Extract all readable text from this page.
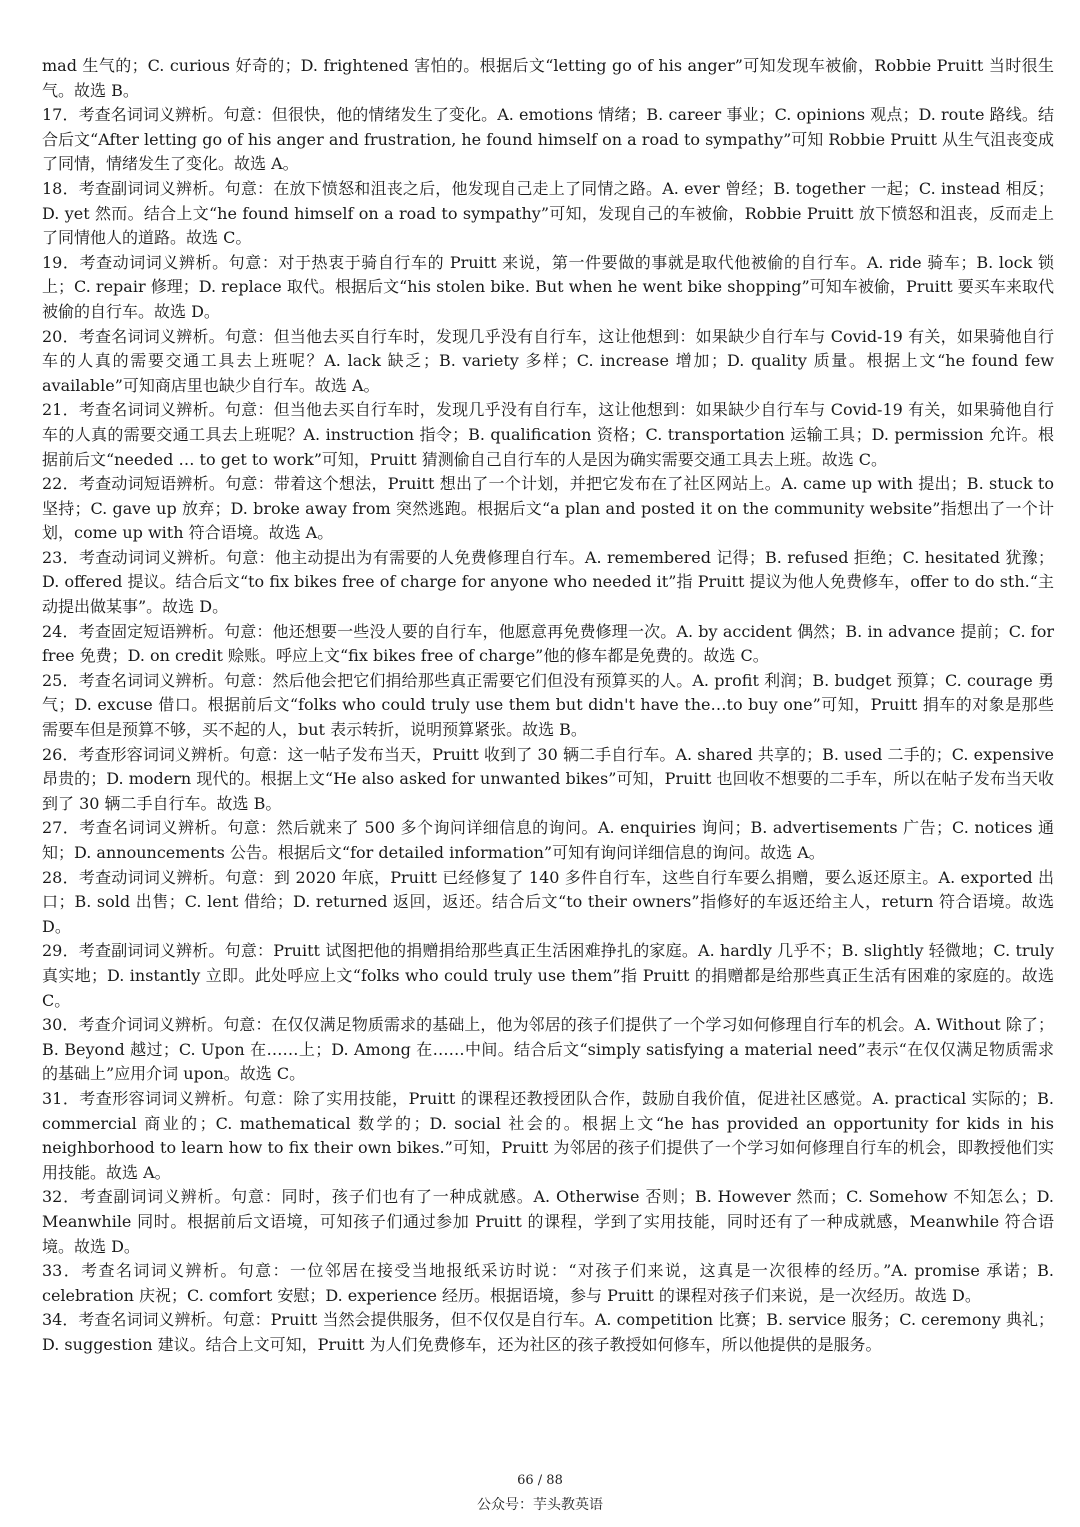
mad 生气的；C. curious 好奇的；D. frightened 害怕的。根据后文“letting go of his anger”可知发现车被偷，Robbie Pruitt 当时很生气。故选 B。

17．考查名词词义辨析。句意：但很快，他的情绪发生了变化。A. emotions 情绪；B. career 事业；C. opinions 观点；D. route 路线。结合后文“After letting go of his anger and frustration, he found himself on a road to sympathy”可知 Robbie Pruitt 从生气沮丧变成了同情，情绪发生了变化。故选 A。

18．考查副词词义辨析。句意：在放下愤怒和沮丧之后，他发现自己走上了同情之路。A. ever 曾经；B. together 一起；C. instead 相反；D. yet 然而。结合上文“he found himself on a road to sympathy”可知，发现自己的车被偷，Robbie Pruitt 放下愤怒和沮丧，反而走上了同情他人的道路。故选 C。

19．考查动词词义辨析。句意：对于热衷于骑自行车的 Pruitt 来说，第一件要做的事就是取代他被偷的自行车。A. ride 骑车；B. lock 锁上；C. repair 修理；D. replace 取代。根据后文“his stolen bike. But when he went bike shopping”可知车被偷，Pruitt 要买车来取代被偷的自行车。故选 D。

20．考查名词词义辨析。句意：但当他去买自行车时，发现几乎没有自行车，这让他想到：如果缺少自行车与 Covid-19 有关，如果骑他自行车的人真的需要交通工具去上班呢？A. lack 缺乏；B. variety 多样；C. increase 增加；D. quality 质量。根据上文“he found few available”可知商店里也缺少自行车。故选 A。

21．考查名词词义辨析。句意：但当他去买自行车时，发现几乎没有自行车，这让他想到：如果缺少自行车与 Covid-19 有关，如果骑他自行车的人真的需要交通工具去上班呢？A. instruction 指令；B. qualification 资格；C. transportation 运输工具；D. permission 允许。根据前后文“needed … to get to work”可知，Pruitt 猜测偷自己自行车的人是因为确实需要交通工具去上班。故选 C。

22．考查动词短语辨析。句意：带着这个想法，Pruitt 想出了一个计划，并把它发布在了社区网站上。A. came up with 提出；B. stuck to 坚持；C. gave up 放弃；D. broke away from 突然逃跑。根据后文“a plan and posted it on the community website”指想出了一个计划，come up with 符合语境。故选 A。

23．考查动词词义辨析。句意：他主动提出为有需要的人免费修理自行车。A. remembered 记得；B. refused 拒绝；C. hesitated 犹豫；D. offered 提议。结合后文“to fix bikes free of charge for anyone who needed it”指 Pruitt 提议为他人免费修车，offer to do sth.“主动提出做某事”。故选 D。

24．考查固定短语辨析。句意：他还想要一些没人要的自行车，他愿意再免费修理一次。A. by accident 偶然；B. in advance 提前；C. for free 免费；D. on credit 赊账。呼应上文“fix bikes free of charge”他的修车都是免费的。故选 C。

25．考查名词词义辨析。句意：然后他会把它们捐给那些真正需要它们但没有预算买的人。A. profit 利润；B. budget 预算；C. courage 勇气；D. excuse 借口。根据前后文“folks who could truly use them but didn't have the…to buy one”可知，Pruitt 捐车的对象是那些需要车但是预算不够，买不起的人，but 表示转折，说明预算紧张。故选 B。

26．考查形容词词义辨析。句意：这一帖子发布当天，Pruitt 收到了 30 辆二手自行车。A. shared 共享的；B. used 二手的；C. expensive 昂贵的；D. modern 现代的。根据上文“He also asked for unwanted bikes”可知，Pruitt 也回收不想要的二手车，所以在帖子发布当天收到了 30 辆二手自行车。故选 B。

27．考查名词词义辨析。句意：然后就来了 500 多个询问详细信息的询问。A. enquiries 询问；B. advertisements 广告；C. notices 通知；D. announcements 公告。根据后文“for detailed information”可知有询问详细信息的询问。故选 A。

28．考查动词词义辨析。句意：到 2020 年底，Pruitt 已经修复了 140 多件自行车，这些自行车要么捐赠，要么返还原主。A. exported 出口；B. sold 出售；C. lent 借给；D. returned 返回，返还。结合后文“to their owners”指修好的车返还给主人，return 符合语境。故选 D。

29．考查副词词义辨析。句意：Pruitt 试图把他的捐赠捐给那些真正生活困难挣扎的家庭。A. hardly 几乎不；B. slightly 轻微地；C. truly 真实地；D. instantly 立即。此处呼应上文“folks who could truly use them”指 Pruitt 的捐赠都是给那些真正生活有困难的家庭的。故选 C。

30．考查介词词义辨析。句意：在仅仅满足物质需求的基础上，他为邻居的孩子们提供了一个学习如何修理自行车的机会。A. Without 除了；B. Beyond 越过；C. Upon 在……上；D. Among 在……中间。结合后文“simply satisfying a material need”表示“在仅仅满足物质需求的基础上”应用介词 upon。故选 C。

31．考查形容词词义辨析。句意：除了实用技能，Pruitt 的课程还教授团队合作，鼓励自我价值，促进社区感觉。A. practical 实际的；B. commercial 商业的；C. mathematical 数学的；D. social 社会的。根据上文“he has provided an opportunity for kids in his neighborhood to learn how to fix their own bikes.”可知，Pruitt 为邻居的孩子们提供了一个学习如何修理自行车的机会，即教授他们实用技能。故选 A。

32．考查副词词义辨析。句意：同时，孩子们也有了一种成就感。A. Otherwise 否则；B. However 然而；C. Somehow 不知怎么；D. Meanwhile 同时。根据前后文语境，可知孩子们通过参加 Pruitt 的课程，学到了实用技能，同时还有了一种成就感，Meanwhile 符合语境。故选 D。

33．考查名词词义辨析。句意：一位邻居在接受当地报纸采访时说：“对孩子们来说，这真是一次很棒的经历。”A. promise 承诺；B. celebration 庆祝；C. comfort 安慰；D. experience 经历。根据语境，参与 Pruitt 的课程对孩子们来说，是一次经历。故选 D。

34．考查名词词义辨析。句意：Pruitt 当然会提供服务，但不仅仅是自行车。A. competition 比赛；B. service 服务；C. ceremony 典礼；D. suggestion 建议。结合上文可知，Pruitt 为人们免费修车，还为社区的孩子教授如何修车，所以他提供的是服务。

66 / 88
公众号：芋头教英语
